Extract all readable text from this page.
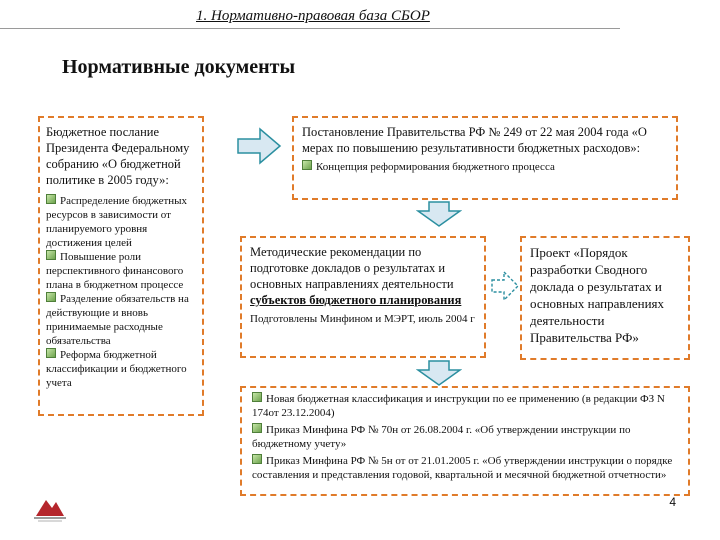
1. Нормативно-правовая база СБОР
Нормативные документы

Бюджетное послание Президента Федеральному собранию «О бюджетной политике в 2005 году»:

Распределение бюджетных ресурсов в зависимости от планируемого уровня достижения целей

Повышение роли перспективного финансового плана в бюджетном процессе

Разделение обязательств на действующие и вновь принимаемые расходные обязательства

Реформа бюджетной классификации и бюджетного учета

Постановление Правительства РФ № 249 от 22 мая 2004 года «О мерах по повышению результативности бюджетных расходов»:

Концепция реформирования бюджетного процесса

Методические рекомендации по подготовке докладов о результатах и основных направлениях деятельности

субъектов бюджетного планирования

Подготовлены Минфином и МЭРТ, июль 2004 г

Проект «Порядок разработки Сводного доклада о результатах и основных направлениях деятельности Правительства РФ»

Новая бюджетная классификация и инструкции по ее применению (в редакции ФЗ N 174от 23.12.2004)

Приказ Минфина РФ № 70н от 26.08.2004 г. «Об утверждении инструкции по бюджетному учету»

Приказ Минфина РФ № 5н от от 21.01.2005 г. «Об утверждении инструкции о порядке составления и представления годовой, квартальной и месячной бюджетной отчетности»

4
